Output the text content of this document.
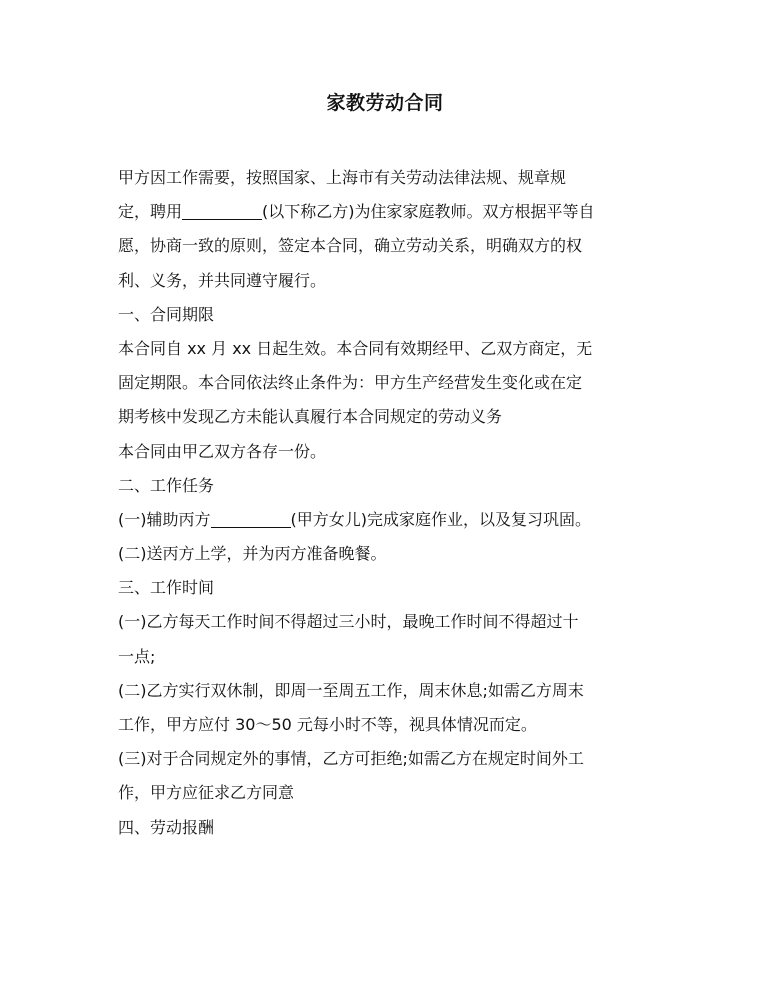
家教劳动合同
甲方因工作需要，按照国家、上海市有关劳动法律法规、规章规
定，聘用	(以下称乙方)为住家家庭教师。双方根据平等自
愿，协商一致的原则，签定本合同，确立劳动关系，明确双方的权
利、义务，并共同遵守履行。
一、合同期限
本合同自 xx 月 xx 日起生效。本合同有效期经甲、乙双方商定，无
固定期限。本合同依法终止条件为：甲方生产经营发生变化或在定
期考核中发现乙方未能认真履行本合同规定的劳动义务
本合同由甲乙双方各存一份。
二、工作任务
(一)辅助丙方	(甲方女儿)完成家庭作业，以及复习巩固。
(二)送丙方上学，并为丙方准备晚餐。
三、工作时间
(一)乙方每天工作时间不得超过三小时，最晚工作时间不得超过十
一点;
(二)乙方实行双休制，即周一至周五工作，周末休息;如需乙方周末
工作，甲方应付 30～50 元每小时不等，视具体情况而定。
(三)对于合同规定外的事情，乙方可拒绝;如需乙方在规定时间外工
作，甲方应征求乙方同意
四、劳动报酬
